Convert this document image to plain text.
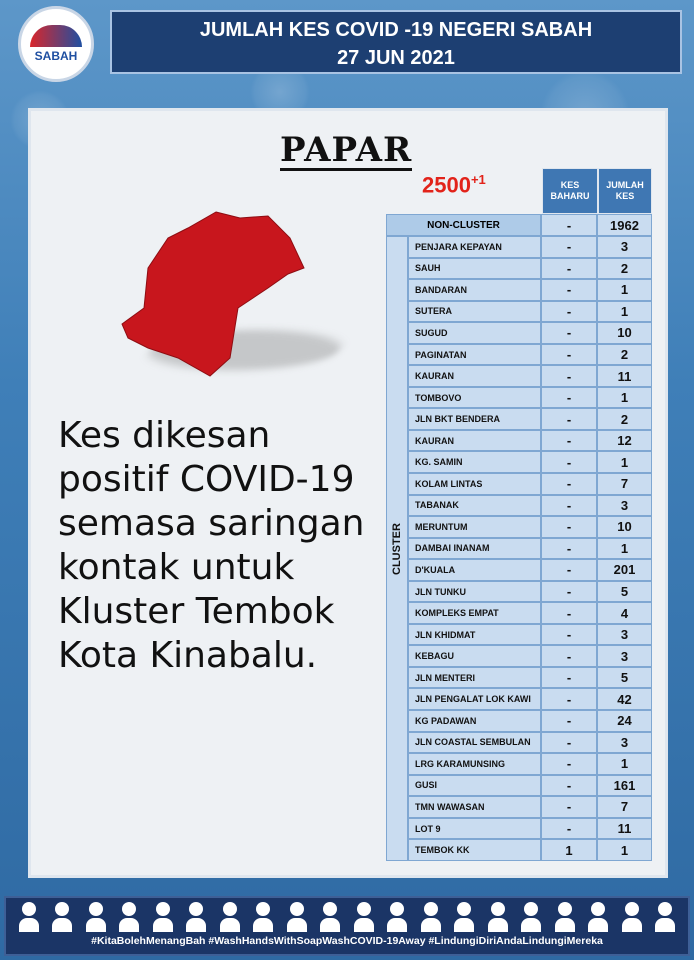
SABAH
JUMLAH KES COVID -19 NEGERI SABAH
27 JUN 2021
PAPAR
$2500^{+1}$
Kes dikesan positif COVID-19 semasa saringan kontak untuk Kluster Tembok Kota Kinabalu.
KES BAHARU
JUMLAH KES
NON-CLUSTER	-	1962
CLUSTER
PENJARA KEPAYAN	-	3
SAUH	-	2
BANDARAN	-	1
SUTERA	-	1
SUGUD	-	10
PAGINATAN	-	2
KAURAN	-	11
TOMBOVO	-	1
JLN BKT BENDERA	-	2
KAURAN	-	12
KG. SAMIN	-	1
KOLAM LINTAS	-	7
TABANAK	-	3
MERUNTUM	-	10
DAMBAI INANAM	-	1
D'KUALA	-	201
JLN TUNKU	-	5
KOMPLEKS EMPAT	-	4
JLN KHIDMAT	-	3
KEBAGU	-	3
JLN MENTERI	-	5
JLN PENGALAT LOK KAWI	-	42
KG PADAWAN	-	24
JLN COASTAL SEMBULAN	-	3
LRG KARAMUNSING	-	1
GUSI	-	161
TMN WAWASAN	-	7
LOT 9	-	11
TEMBOK KK	1	1
#KitaBolehMenangBah #WashHandsWithSoapWashCOVID-19Away #LindungiDiriAndaLindungiMereka
